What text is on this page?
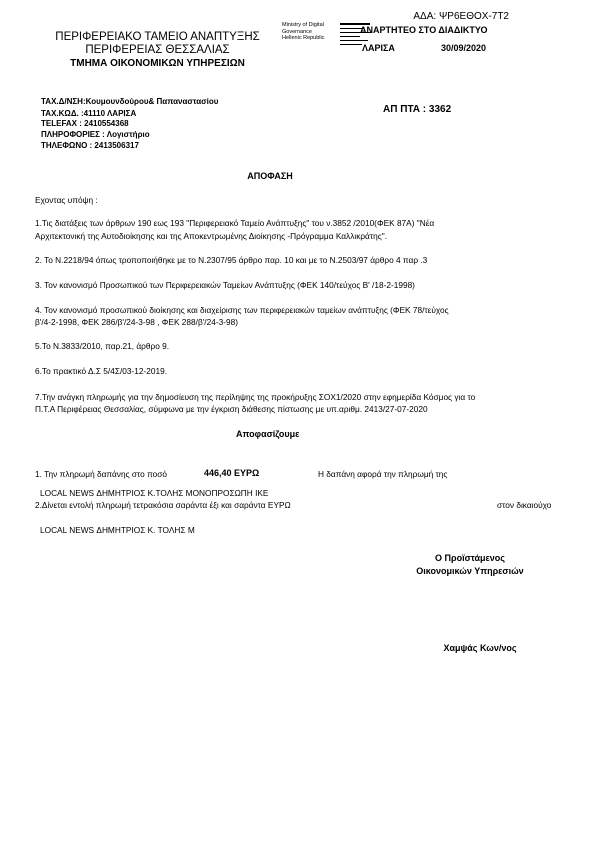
ΑΔΑ: ΨΡ6ΕΘΟΧ-7Τ2
ΠΕΡΙΦΕΡΕΙΑΚΟ ΤΑΜΕΙΟ ΑΝΑΠΤΥΞΗΣ
ΠΕΡΙΦΕΡΕΙΑΣ ΘΕΣΣΑΛΙΑΣ
ΤΜΗΜΑ ΟΙΚΟΝΟΜΙΚΩΝ ΥΠΗΡΕΣΙΩΝ
Ministry of Digital
Governance
Hellenic Republic
ΑΝΑΡΤΗΤΕΟ ΣΤΟ ΔΙΑΔΙΚΤΥΟ
ΛΑΡΙΣΑ	30/09/2020
ΤΑΧ.Δ/ΝΣΗ:Κουμουνδούρου& Παπαναστασίου
ΤΑΧ.ΚΩΔ. :41110 ΛΑΡΙΣΑ
TELEFAX : 2410554368
ΠΛΗΡΟΦΟΡΙΕΣ : Λογιστήριο
ΤΗΛΕΦΩΝΟ : 2413506317
ΑΠ ΠΤΑ : 3362
ΑΠΟΦΑΣΗ
Εχοντας υπόψη :
1.Τις διατάξεις των άρθρων 190 εως 193 "Περιφερειακό Ταμείο Ανάπτυξης" του ν.3852 /2010(ΦΕΚ 87Α) "Νέα
Αρχιτεκτονική της Αυτοδιοίκησης και της Αποκεντρωμένης Διοίκησης -Πρόγραμμα Καλλικράτης".
2. Το Ν.2218/94 όπως τροποποιήθηκε με το Ν.2307/95 άρθρο παρ. 10 και με το Ν.2503/97 άρθρο 4 παρ .3
3. Τον κανονισμό Προσωπικού των Περιφερειακών Ταμείων Ανάπτυξης (ΦΕΚ 140/τεύχος Β' /18-2-1998)
4. Τον κανονισμό προσωπικού διοίκησης και διαχείρισης των περιφερειακών ταμείων ανάπτυξης (ΦΕΚ 78/τεύχος
β'/4-2-1998, ΦΕΚ 286/β'/24-3-98 , ΦΕΚ 288/β'/24-3-98)
5.Το Ν.3833/2010, παρ.21, άρθρο 9.
6.Το πρακτικό Δ.Σ 5/4Σ/03-12-2019.
7.Την ανάγκη πληρωμής για την δημοσίευση της περίληψης της προκήρυξης ΣΟΧ1/2020 στην εφημερίδα Κόσμος για το
Π.Τ.Α Περιφέρειας Θεσσαλίας, σύμφωνα με την έγκριση διάθεσης πίστωσης με υπ.αριθμ. 2413/27-07-2020
Αποφασίζουμε
1. Την πληρωμή δαπάνης στο ποσό	446,40 ΕΥΡΩ	Η δαπάνη αφορά την πληρωμή της
LOCAL NEWS ΔΗΜΗΤΡΙΟΣ Κ.ΤΟΛΗΣ ΜΟΝΟΠΡΟΣΩΠΗ ΙΚΕ
2.Δίνεται εντολή πληρωμή τετρακόσια σαράντα έξι και σαράντα ΕΥΡΩ	στον δικαιούχο
LOCAL NEWS ΔΗΜΗΤΡΙΟΣ Κ. ΤΟΛΗΣ Μ
Ο Προϊστάμενος
Οικονομικών Υπηρεσιών
Χαμψάς Κων/νος
